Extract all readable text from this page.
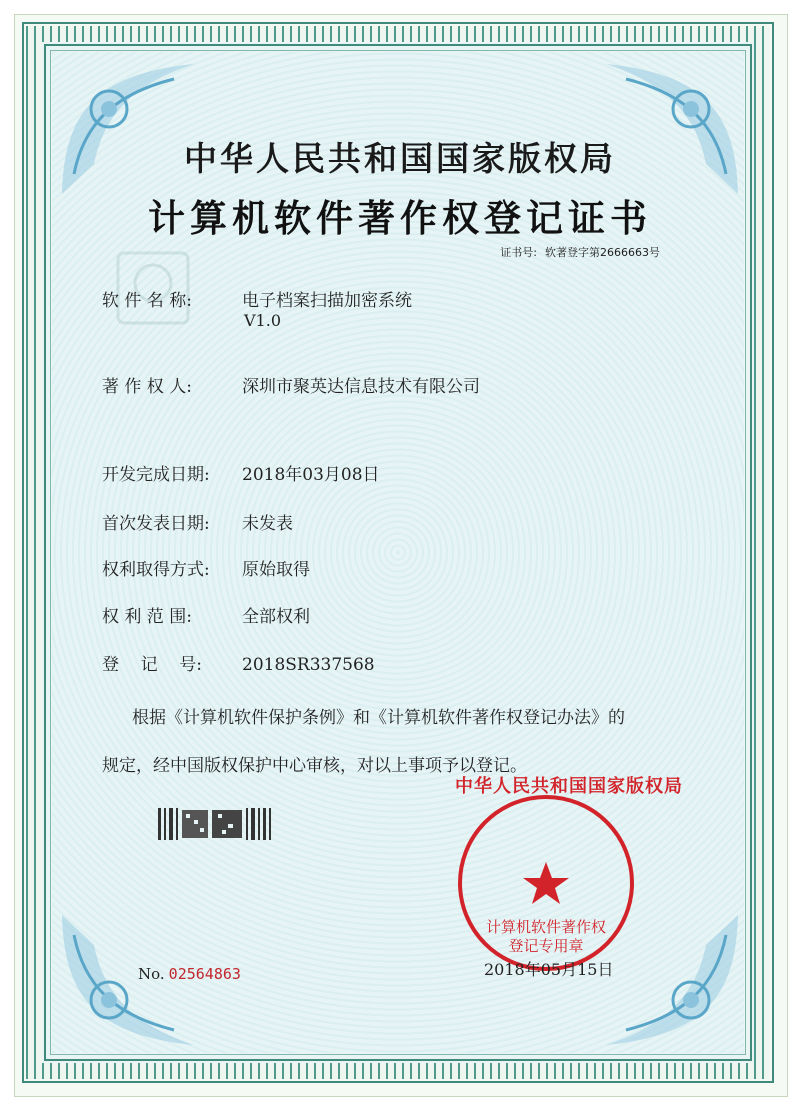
中华人民共和国国家版权局
计算机软件著作权登记证书
证书号: 软著登字第2666663号
软 件 名 称:	电子档案扫描加密系统
V1.0
著 作 权 人:	深圳市聚英达信息技术有限公司
开发完成日期: 2018年03月08日
首次发表日期: 未发表
权利取得方式: 原始取得
权 利 范 围:	全部权利
登    记    号: 2018SR337568
根据《计算机软件保护条例》和《计算机软件著作权登记办法》的
规定，经中国版权保护中心审核，对以上事项予以登记。
中华人民共和国国家版权局
计算机软件著作权
登记专用章
No. 02564863	2018年05月15日
